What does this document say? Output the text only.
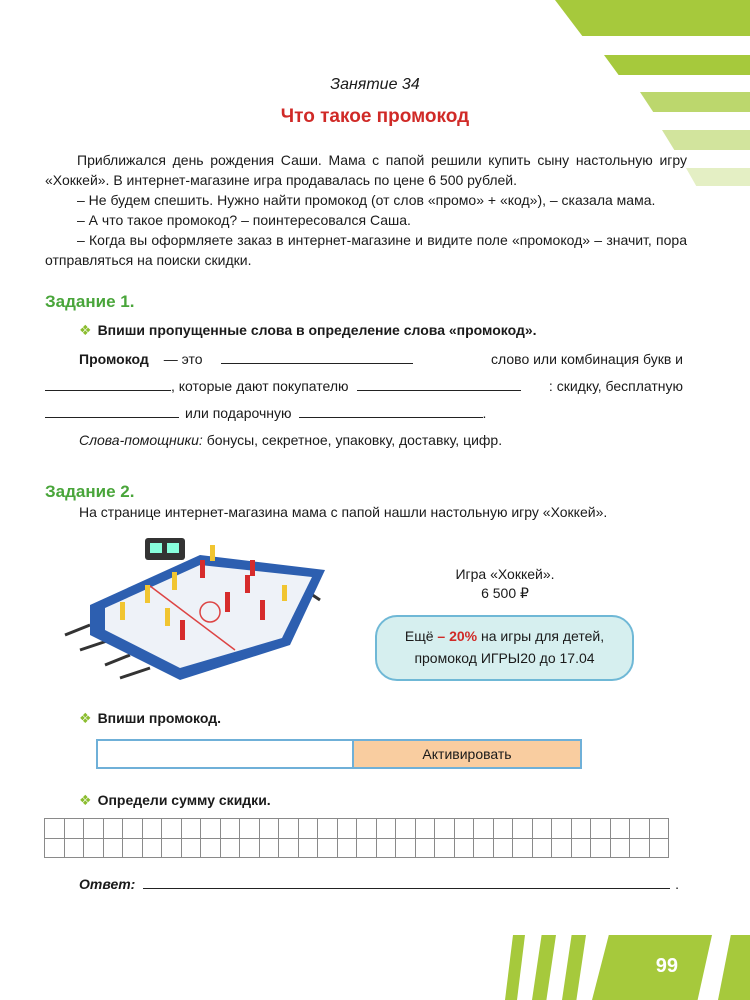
Занятие 34
Что такое промокод

Приближался день рождения Саши. Мама с папой решили купить сыну настольную игру «Хоккей». В интернет-магазине игра продавалась по цене 6 500 рублей.

– Не будем спешить. Нужно найти промокод (от слов «промо» + «код»), – сказала мама.

– А что такое промокод? – поинтересовался Саша.

– Когда вы оформляете заказ в интернет-магазине и видите поле «промокод» – значит, пора отправляться на поиски скидки.

Задание 1.
❖ Впиши пропущенные слова в определение слова «промокод».
Промокод — это	слово или комбинация букв и
, которые дают покупателю	: скидку, бесплатную
или подарочную	.
Слова-помощники: бонусы, секретное, упаковку, доставку, цифр.
Задание 2.
На странице интернет-магазина мама с папой нашли настольную игру «Хоккей».
Игра «Хоккей».
6 500 ₽
Ещё – 20% на игры для детей,
промокод ИГРЫ20 до 17.04
❖ Впиши промокод.
Активировать
❖ Определи сумму скидки.

Ответ:	.
99
